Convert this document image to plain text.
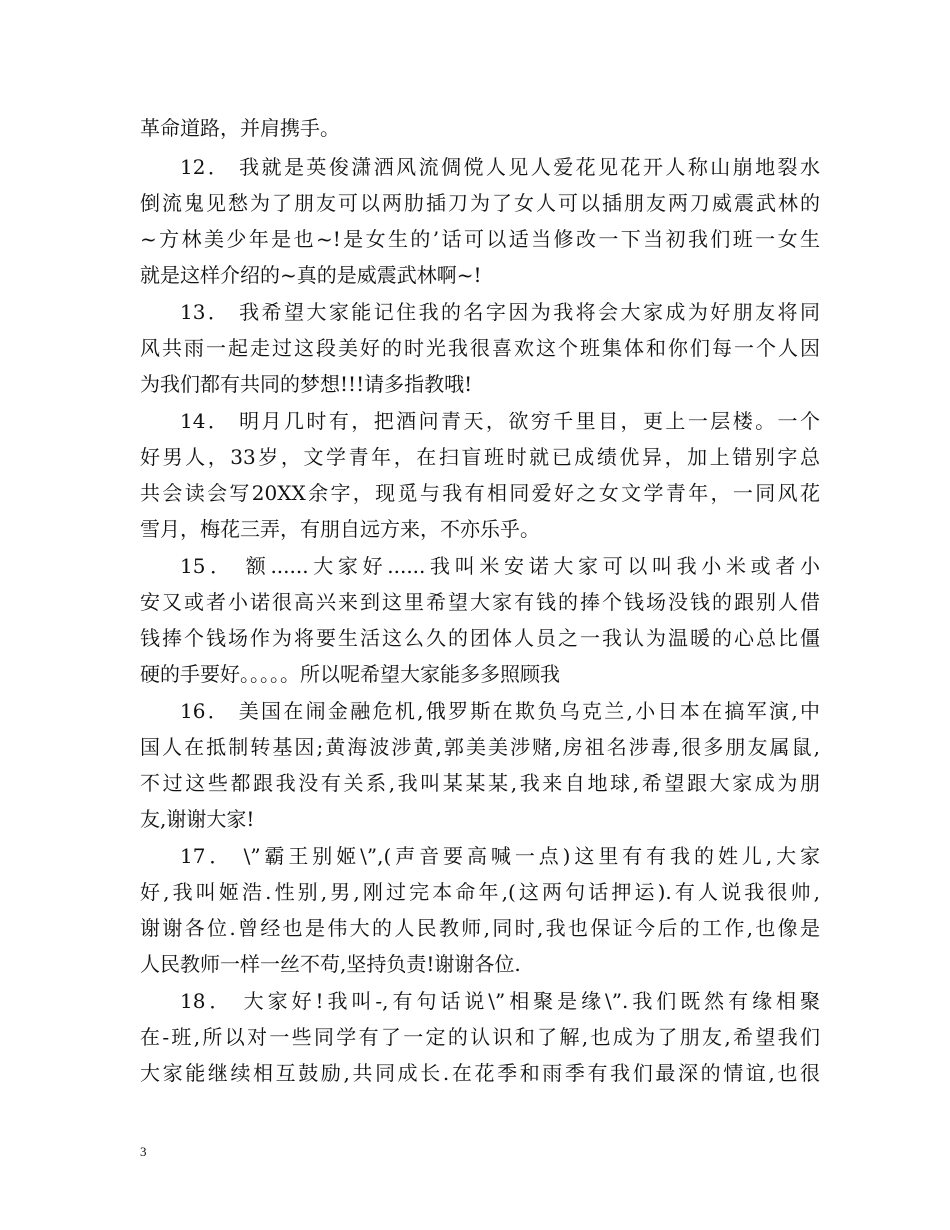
革命道路，并肩携手。
12． 我就是英俊潇洒风流倜傥人见人爱花见花开人称山崩地裂水
倒流鬼见愁为了朋友可以两肋插刀为了女人可以插朋友两刀威震武林的
~方林美少年是也~!是女生的’话可以适当修改一下当初我们班一女生
就是这样介绍的~真的是威震武林啊~!
13． 我希望大家能记住我的名字因为我将会大家成为好朋友将同
风共雨一起走过这段美好的时光我很喜欢这个班集体和你们每一个人因
为我们都有共同的梦想!!!请多指教哦!
14． 明月几时有，把酒问青天，欲穷千里目，更上一层楼。一个
好男人，33岁，文学青年，在扫盲班时就已成绩优异，加上错别字总
共会读会写20XX余字，现觅与我有相同爱好之女文学青年，一同风花
雪月，梅花三弄，有朋自远方来，不亦乐乎。
15． 额......大家好......我叫米安诺大家可以叫我小米或者小
安又或者小诺很高兴来到这里希望大家有钱的捧个钱场没钱的跟别人借
钱捧个钱场作为将要生活这么久的团体人员之一我认为温暖的心总比僵
硬的手要好。。。。。所以呢希望大家能多多照顾我
16． 美国在闹金融危机,俄罗斯在欺负乌克兰,小日本在搞军演,中
国人在抵制转基因;黄海波涉黄,郭美美涉赌,房祖名涉毒,很多朋友属鼠,
不过这些都跟我没有关系,我叫某某某,我来自地球,希望跟大家成为朋
友,谢谢大家!
17． \”霸王别姬\”,(声音要高喊一点)这里有有我的姓儿,大家
好,我叫姬浩.性别,男,刚过完本命年,(这两句话押运).有人说我很帅,
谢谢各位.曾经也是伟大的人民教师,同时,我也保证今后的工作,也像是
人民教师一样一丝不苟,坚持负责!谢谢各位.
18． 大家好!我叫-,有句话说\”相聚是缘\”.我们既然有缘相聚
在-班,所以对一些同学有了一定的认识和了解,也成为了朋友,希望我们
大家能继续相互鼓励,共同成长.在花季和雨季有我们最深的情谊,也很
3
